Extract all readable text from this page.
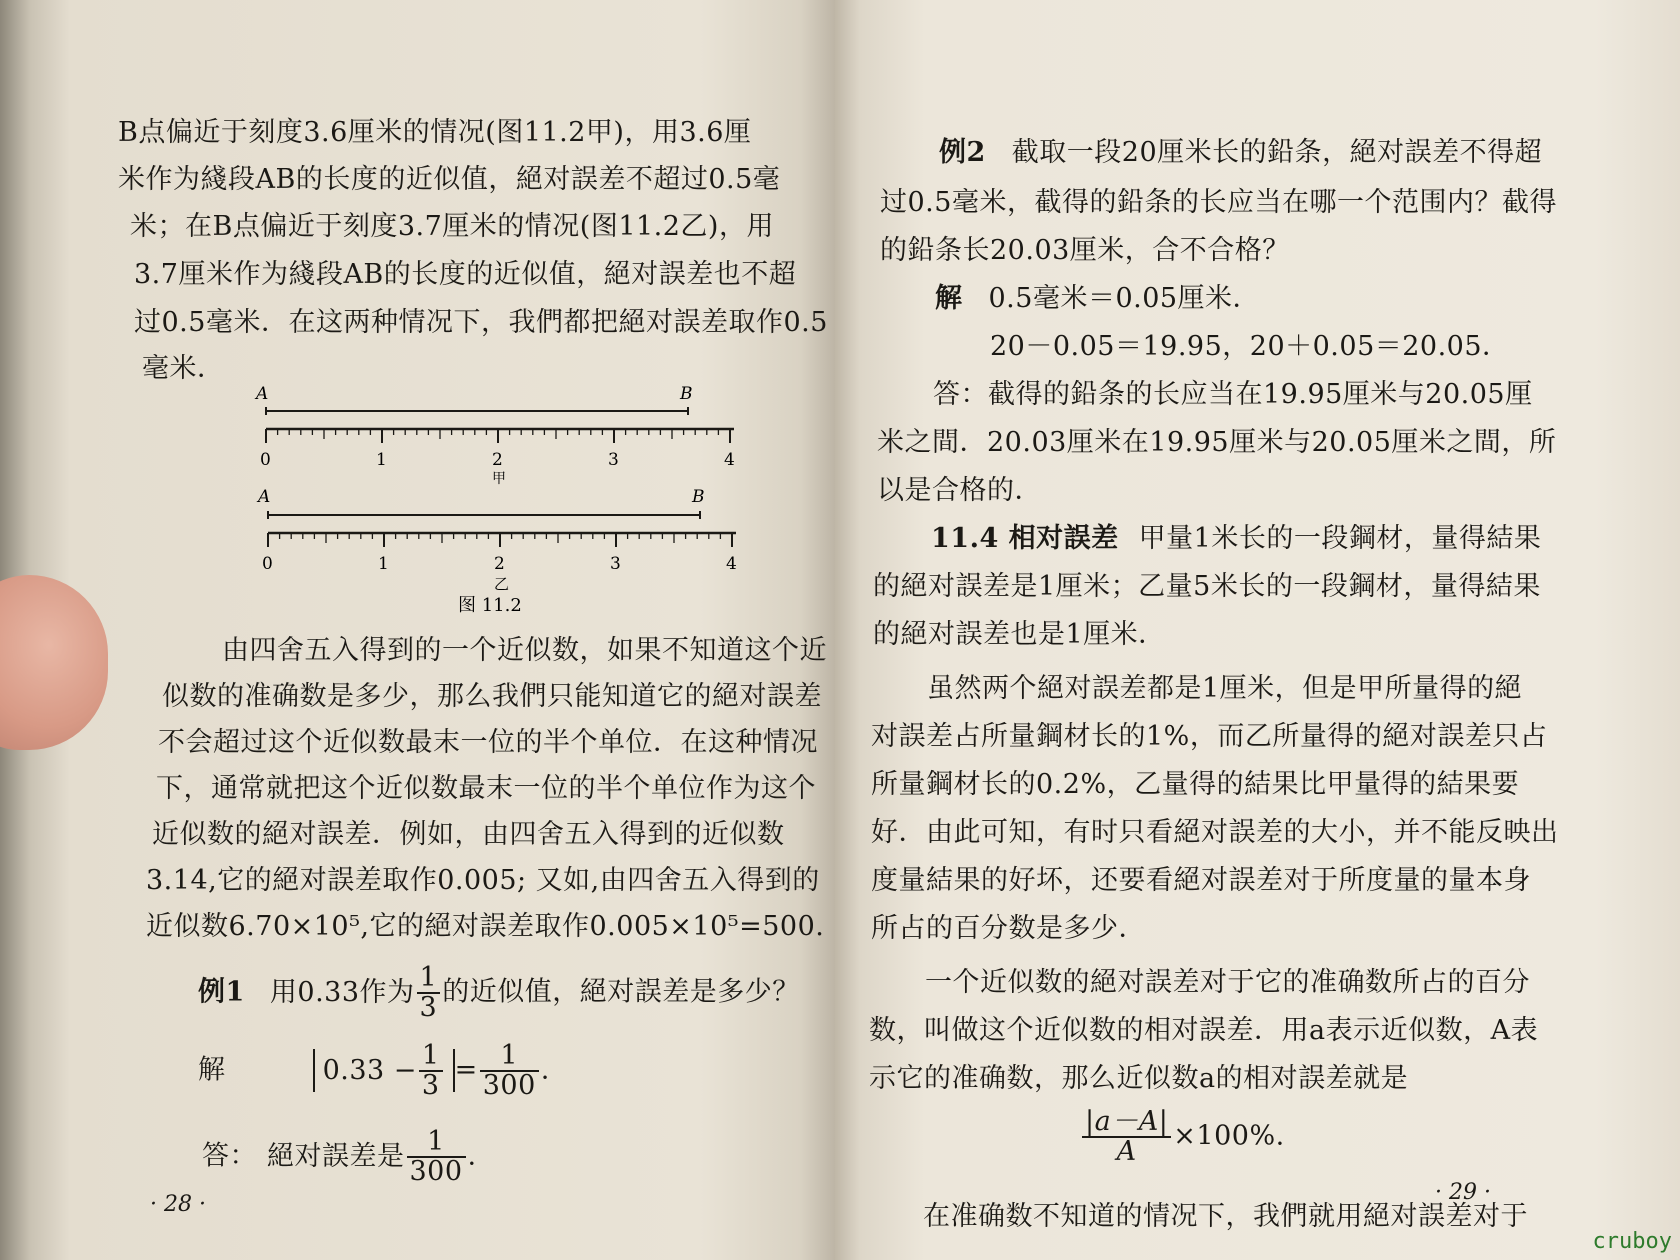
B点偏近于刻度3.6厘米的情况(图11.2甲)，用3.6厘
米作为綫段AB的长度的近似值，絕对誤差不超过0.5毫
米；在B点偏近于刻度3.7厘米的情况(图11.2乙)，用
3.7厘米作为綫段AB的长度的近似值，絕对誤差也不超
过0.5毫米．在这两种情况下，我們都把絕对誤差取作0.5
毫米．
A	B
0	1	2	3	4
甲
A	B
0	1	2	3	4
乙
图 11.2
由四舍五入得到的一个近似数，如果不知道这个近
似数的准确数是多少，那么我們只能知道它的絕对誤差
不会超过这个近似数最末一位的半个单位．在这种情况
下，通常就把这个近似数最末一位的半个单位作为这个
近似数的絕对誤差．例如，由四舍五入得到的近似数
3.14,它的絕对誤差取作0.005; 又如,由四舍五入得到的
近似数6.70×10⁵,它的絕对誤差取作0.005×10⁵=500.
例1 用0.33作为 $\frac{1}{3}$ 的近似值，絕对誤差是多少？
解	$0.33 - \frac{1}{3} = \frac{1}{300}$ .
答： 絕对誤差是 $\frac{1}{300}$ .
· 28 ·
例2 截取一段20厘米长的鉛条，絕对誤差不得超
过0.5毫米，截得的鉛条的长应当在哪一个范围内？截得
的鉛条长20.03厘米，合不合格？
解 0.5毫米＝0.05厘米．
20－0.05＝19.95，20＋0.05＝20.05．
答：截得的鉛条的长应当在19.95厘米与20.05厘
米之間．20.03厘米在19.95厘米与20.05厘米之間，所
以是合格的．
11.4 相对誤差 甲量1米长的一段鋼材，量得結果
的絕对誤差是1厘米；乙量5米长的一段鋼材，量得結果
的絕对誤差也是1厘米．
虽然两个絕对誤差都是1厘米，但是甲所量得的絕
对誤差占所量鋼材长的1%，而乙所量得的絕对誤差只占
所量鋼材长的0.2%，乙量得的結果比甲量得的結果要
好．由此可知，有时只看絕对誤差的大小，并不能反映出
度量結果的好坏，还要看絕对誤差对于所度量的量本身
所占的百分数是多少．
一个近似数的絕对誤差对于它的准确数所占的百分
数，叫做这个近似数的相对誤差．用a表示近似数，A表
示它的准确数，那么近似数a的相对誤差就是
$\frac{|a-A|}{A} \times 100\%$.
在准确数不知道的情况下，我們就用絕对誤差对于
· 29 ·
cruboy
